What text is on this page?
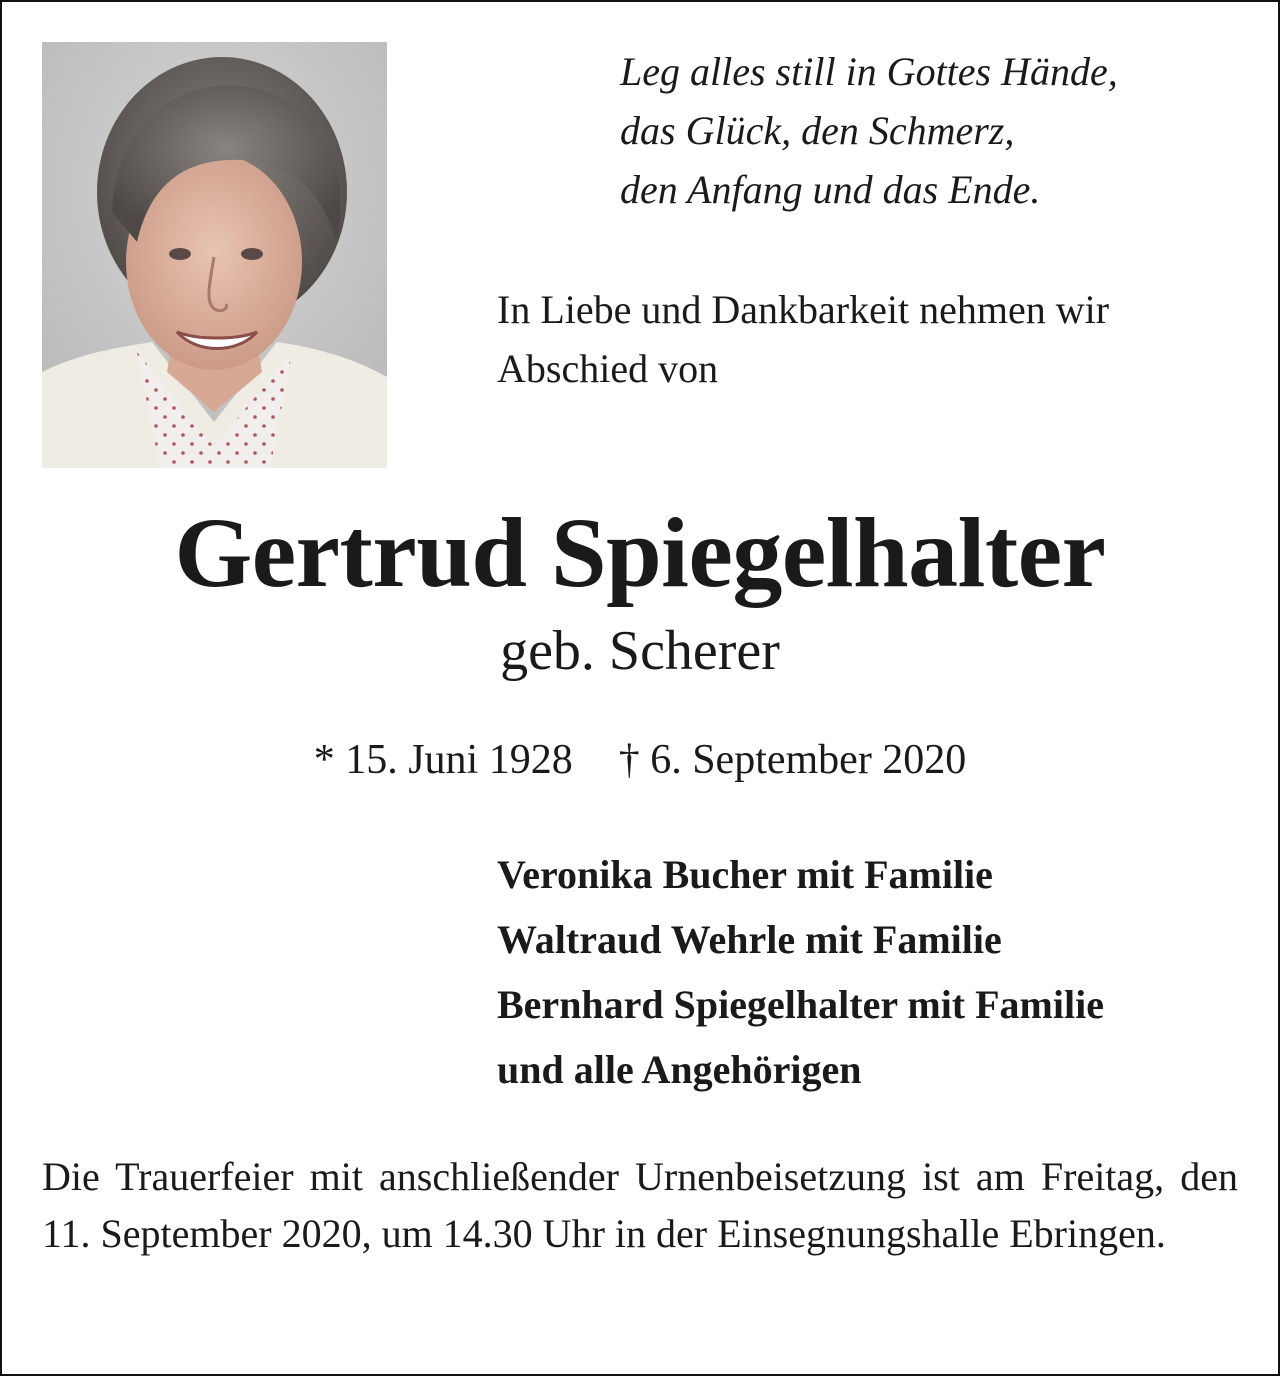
Leg alles still in Gottes Hände,
das Glück, den Schmerz,
den Anfang und das Ende.
In Liebe und Dankbarkeit nehmen wir
Abschied von
Gertrud Spiegelhalter
geb. Scherer
* 15. Juni 1928 † 6. September 2020
Veronika Bucher mit Familie
Waltraud Wehrle mit Familie
Bernhard Spiegelhalter mit Familie
und alle Angehörigen
Die Trauerfeier mit anschließender Urnenbeisetzung ist am Freitag, den 11. September 2020, um 14.30 Uhr in der Einsegnungshalle Ebringen.
